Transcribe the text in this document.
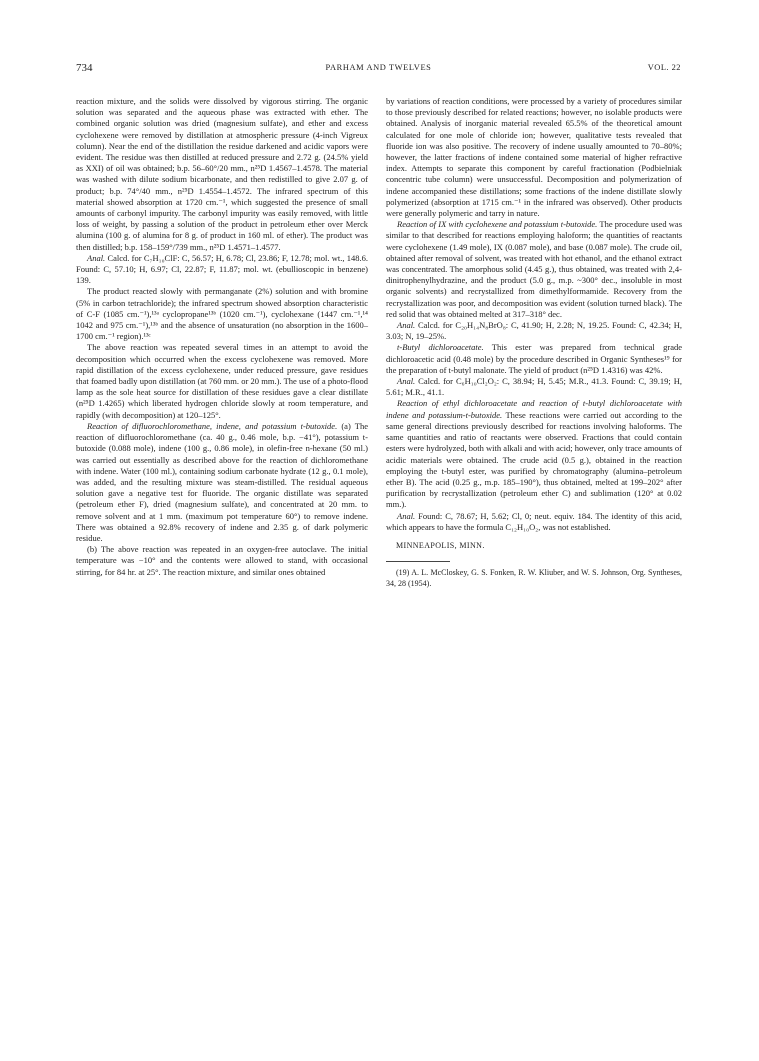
734	PARHAM AND TWELVES	VOL. 22

reaction mixture, and the solids were dissolved by vigorous stirring. The organic solution was separated and the aqueous phase was extracted with ether. The combined organic solution was dried (magnesium sulfate), and ether and excess cyclohexene were removed by distillation at atmospheric pressure (4-inch Vigreux column). Near the end of the distillation the residue darkened and acidic vapors were evident. The residue was then distilled at reduced pressure and 2.72 g. (24.5% yield as XXI) of oil was obtained; b.p. 56–60°/20 mm., n²⁵D 1.4567–1.4578. The material was washed with dilute sodium bicarbonate, and then redistilled to give 2.07 g. of product; b.p. 74°/40 mm., n²⁵D 1.4554–1.4572. The infrared spectrum of this material showed absorption at 1720 cm.⁻¹, which suggested the presence of small amounts of carbonyl impurity. The carbonyl impurity was easily removed, with little loss of weight, by passing a solution of the product in petroleum ether over Merck alumina (100 g. of alumina for 8 g. of product in 160 ml. of ether). The product was then distilled; b.p. 158–159°/739 mm., n²⁵D 1.4571–1.4577.

Anal. Calcd. for C₇H₁₀ClF: C, 56.57; H, 6.78; Cl, 23.86; F, 12.78; mol. wt., 148.6. Found: C, 57.10; H, 6.97; Cl, 22.87; F, 11.87; mol. wt. (ebullioscopic in benzene) 139.

The product reacted slowly with permanganate (2%) solution and with bromine (5% in carbon tetrachloride); the infrared spectrum showed absorption characteristic of C-F (1085 cm.⁻¹),¹³ᵃ cyclopropane¹³ᵇ (1020 cm.⁻¹), cyclohexane (1447 cm.⁻¹,¹⁴ 1042 and 975 cm.⁻¹),¹³ᵇ and the absence of unsaturation (no absorption in the 1600–1700 cm.⁻¹ region).¹³ᶜ

The above reaction was repeated several times in an attempt to avoid the decomposition which occurred when the excess cyclohexene was removed. More rapid distillation of the excess cyclohexene, under reduced pressure, gave residues that foamed badly upon distillation (at 760 mm. or 20 mm.). The use of a photo-flood lamp as the sole heat source for distillation of these residues gave a clear distillate (n²⁵D 1.4265) which liberated hydrogen chloride slowly at room temperature, and rapidly (with decomposition) at 120–125°.

Reaction of difluorochloromethane, indene, and potassium t-butoxide. (a) The reaction of difluorochloromethane (ca. 40 g., 0.46 mole, b.p. −41°), potassium t-butoxide (0.088 mole), indene (100 g., 0.86 mole), in olefin-free n-hexane (50 ml.) was carried out essentially as described above for the reaction of dichloromethane with indene. Water (100 ml.), containing sodium carbonate hydrate (12 g., 0.1 mole), was added, and the resulting mixture was steam-distilled. The residual aqueous solution gave a negative test for fluoride. The organic distillate was separated (petroleum ether F), dried (magnesium sulfate), and concentrated at 20 mm. to remove solvent and at 1 mm. (maximum pot temperature 60°) to remove indene. There was obtained a 92.8% recovery of indene and 2.35 g. of dark polymeric residue.

(b) The above reaction was repeated in an oxygen-free autoclave. The initial temperature was −10° and the contents were allowed to stand, with occasional stirring, for 84 hr. at 25°. The reaction mixture, and similar ones obtained

by variations of reaction conditions, were processed by a variety of procedures similar to those previously described for related reactions; however, no isolable products were obtained. Analysis of inorganic material revealed 65.5% of the theoretical amount calculated for one mole of chloride ion; however, qualitative tests revealed that fluoride ion was also positive. The recovery of indene usually amounted to 70–80%; however, the latter fractions of indene contained some material of higher refractive index. Attempts to separate this component by careful fractionation (Podbielniak concentric tube column) were unsuccessful. Decomposition and polymerization of indene accompanied these distillations; some fractions of the indene distillate slowly polymerized (absorption at 1715 cm.⁻¹ in the infrared was observed). Other products were generally polymeric and tarry in nature.

Reaction of IX with cyclohexene and potassium t-butoxide. The procedure used was similar to that described for reactions employing haloform; the quantities of reactants were cyclohexene (1.49 mole), IX (0.087 mole), and base (0.087 mole). The crude oil, obtained after removal of solvent, was treated with hot ethanol, and the ethanol extract was concentrated. The amorphous solid (4.45 g.), thus obtained, was treated with 2,4-dinitrophenylhydrazine, and the product (5.0 g., m.p. ~300° dec., insoluble in most organic solvents) and recrystallized from dimethylformamide. Recovery from the recrystallization was poor, and decomposition was evident (solution turned black). The red solid that was obtained melted at 317–318° dec.

Anal. Calcd. for C₂₀H₁₄N₈BrO₈: C, 41.90; H, 2.28; N, 19.25. Found: C, 42.34; H, 3.03; N, 19–25%.

t-Butyl dichloroacetate. This ester was prepared from technical grade dichloroacetic acid (0.48 mole) by the procedure described in Organic Syntheses¹⁹ for the preparation of t-butyl malonate. The yield of product (n²⁵D 1.4316) was 42%.

Anal. Calcd. for C₆H₁₀Cl₂O₂: C, 38.94; H, 5.45; M.R., 41.3. Found: C, 39.19; H, 5.61; M.R., 41.1.

Reaction of ethyl dichloroacetate and reaction of t-butyl dichloroacetate with indene and potassium-t-butoxide. These reactions were carried out according to the same general directions previously described for reactions involving haloforms. The same quantities and ratio of reactants were observed. Fractions that could contain esters were hydrolyzed, both with alkali and with acid; however, only trace amounts of acidic materials were obtained. The crude acid (0.5 g.), obtained in the reaction employing the t-butyl ester, was purified by chromatography (alumina–petroleum ether B). The acid (0.25 g., m.p. 185–190°), thus obtained, melted at 199–202° after purification by recrystallization (petroleum ether C) and sublimation (120° at 0.02 mm.).

Anal. Found: C, 78.67; H, 5.62; Cl, 0; neut. equiv. 184. The identity of this acid, which appears to have the formula C₁₂H₁₀O₂, was not established.

MINNEAPOLIS, MINN.

(19) A. L. McCloskey, G. S. Fonken, R. W. Kliuber, and W. S. Johnson, Org. Syntheses, 34, 28 (1954).
